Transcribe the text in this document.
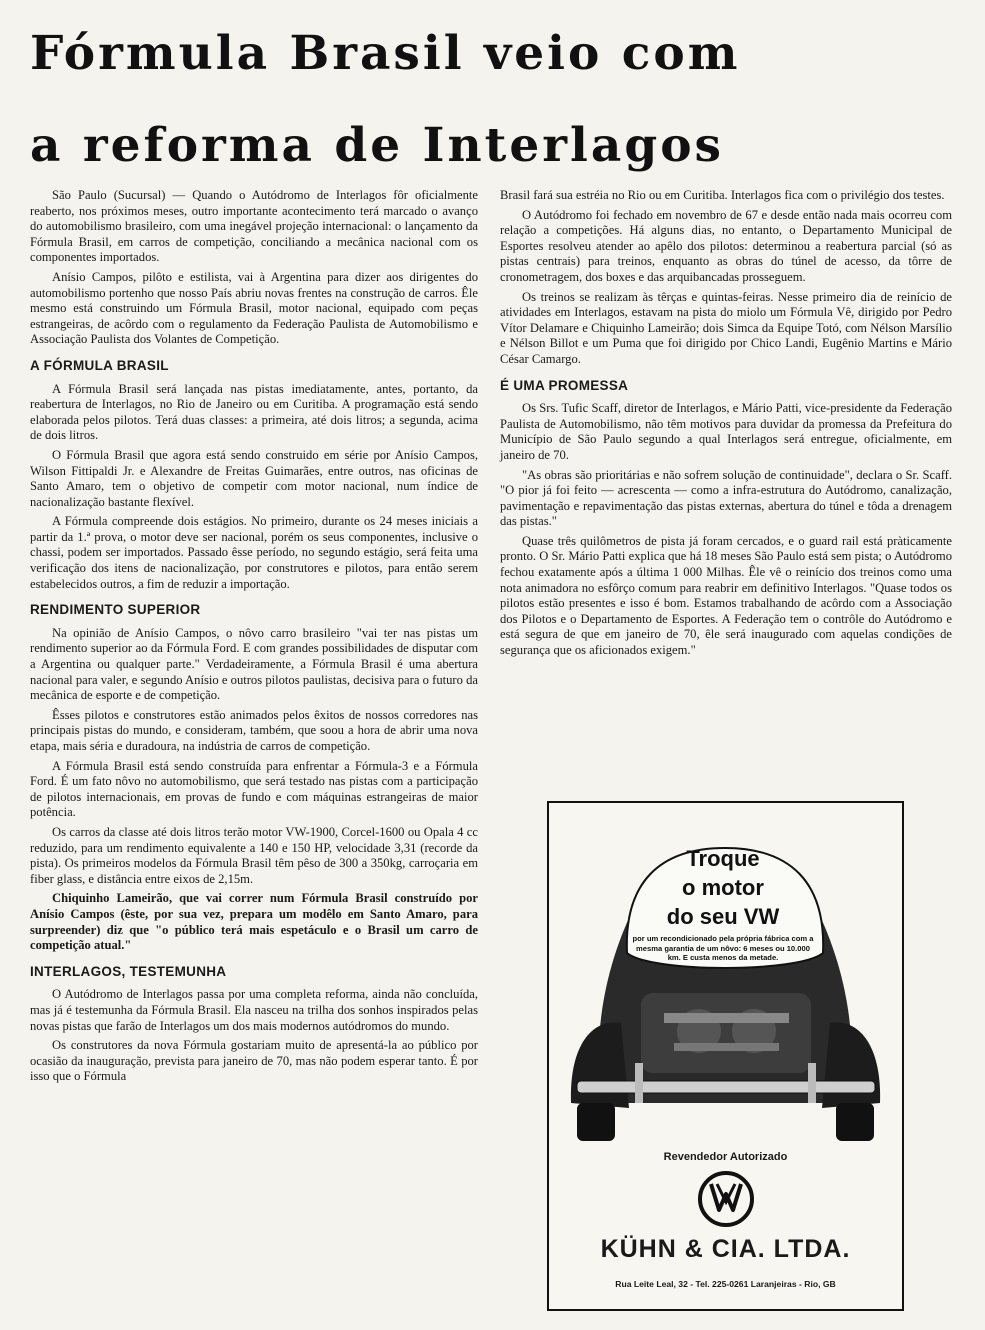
Fórmula Brasil veio com
a reforma de Interlagos

São Paulo (Sucursal) — Quando o Autódromo de Interlagos fôr oficialmente reaberto, nos próximos meses, outro importante acontecimento terá marcado o avanço do automobilismo brasileiro, com uma inegável projeção internacional: o lançamento da Fórmula Brasil, em carros de competição, conciliando a mecânica nacional com os componentes importados.

Anísio Campos, pilôto e estilista, vai à Argentina para dizer aos dirigentes do automobilismo portenho que nosso País abriu novas frentes na construção de carros. Êle mesmo está construindo um Fórmula Brasil, motor nacional, equipado com peças estrangeiras, de acôrdo com o regulamento da Federação Paulista de Automobilismo e Associação Paulista dos Volantes de Competição.

A FÓRMULA BRASIL

A Fórmula Brasil será lançada nas pistas imediatamente, antes, portanto, da reabertura de Interlagos, no Rio de Janeiro ou em Curitiba. A programação está sendo elaborada pelos pilotos. Terá duas classes: a primeira, até dois litros; a segunda, acima de dois litros.

O Fórmula Brasil que agora está sendo construido em série por Anísio Campos, Wilson Fittipaldi Jr. e Alexandre de Freitas Guimarães, entre outros, nas oficinas de Santo Amaro, tem o objetivo de competir com motor nacional, num índice de nacionalização bastante flexível.

A Fórmula compreende dois estágios. No primeiro, durante os 24 meses iniciais a partir da 1.ª prova, o motor deve ser nacional, porém os seus componentes, inclusive o chassi, podem ser importados. Passado êsse período, no segundo estágio, será feita uma verificação dos itens de nacionalização, por construtores e pilotos, para então serem estabelecidos outros, a fim de reduzir a importação.

RENDIMENTO SUPERIOR

Na opinião de Anísio Campos, o nôvo carro brasileiro "vai ter nas pistas um rendimento superior ao da Fórmula Ford. E com grandes possibilidades de disputar com a Argentina ou qualquer parte." Verdadeiramente, a Fórmula Brasil é uma abertura nacional para valer, e segundo Anísio e outros pilotos paulistas, decisiva para o futuro da mecânica de esporte e de competição.

Êsses pilotos e construtores estão animados pelos êxitos de nossos corredores nas principais pistas do mundo, e consideram, também, que soou a hora de abrir uma nova etapa, mais séria e duradoura, na indústria de carros de competição.

A Fórmula Brasil está sendo construída para enfrentar a Fórmula-3 e a Fórmula Ford. É um fato nôvo no automobilismo, que será testado nas pistas com a participação de pilotos internacionais, em provas de fundo e com máquinas estrangeiras de maior potência.

Os carros da classe até dois litros terão motor VW-1900, Corcel-1600 ou Opala 4 cc reduzido, para um rendimento equivalente a 140 e 150 HP, velocidade 3,31 (recorde da pista). Os primeiros modelos da Fórmula Brasil têm pêso de 300 a 350kg, carroçaria em fiber glass, e distância entre eixos de 2,15m.

Chiquinho Lameirão, que vai correr num Fórmula Brasil construído por Anísio Campos (êste, por sua vez, prepara um modêlo em Santo Amaro, para surpreender) diz que "o público terá mais espetáculo e o Brasil um carro de competição atual."

INTERLAGOS, TESTEMUNHA

O Autódromo de Interlagos passa por uma completa reforma, ainda não concluída, mas já é testemunha da Fórmula Brasil. Ela nasceu na trilha dos sonhos inspirados pelas novas pistas que farão de Interlagos um dos mais modernos autódromos do mundo.

Os construtores da nova Fórmula gostariam muito de apresentá-la ao público por ocasião da inauguração, prevista para janeiro de 70, mas não podem esperar tanto. É por isso que o Fórmula

Brasil fará sua estréia no Rio ou em Curitiba. Interlagos fica com o privilégio dos testes.

O Autódromo foi fechado em novembro de 67 e desde então nada mais ocorreu com relação a competições. Há alguns dias, no entanto, o Departamento Municipal de Esportes resolveu atender ao apêlo dos pilotos: determinou a reabertura parcial (só as pistas centrais) para treinos, enquanto as obras do túnel de acesso, da tôrre de cronometragem, dos boxes e das arquibancadas prosseguem.

Os treinos se realizam às têrças e quintas-feiras. Nesse primeiro dia de reinício de atividades em Interlagos, estavam na pista do miolo um Fórmula Vê, dirigido por Pedro Vítor Delamare e Chiquinho Lameirão; dois Simca da Equipe Totó, com Nélson Marsílio e Nélson Billot e um Puma que foi dirigido por Chico Landi, Eugênio Martins e Mário César Camargo.

É UMA PROMESSA

Os Srs. Tufic Scaff, diretor de Interlagos, e Mário Patti, vice-presidente da Federação Paulista de Automobilismo, não têm motivos para duvidar da promessa da Prefeitura do Município de São Paulo segundo a qual Interlagos será entregue, oficialmente, em janeiro de 70.

"As obras são prioritárias e não sofrem solução de continuidade", declara o Sr. Scaff. "O pior já foi feito — acrescenta — como a infra-estrutura do Autódromo, canalização, pavimentação e repavimentação das pistas externas, abertura do túnel e tôda a drenagem das pistas."

Quase três quilômetros de pista já foram cercados, e o guard rail está pràticamente pronto. O Sr. Mário Patti explica que há 18 meses São Paulo está sem pista; o Autódromo fechou exatamente após a última 1 000 Milhas. Êle vê o reinício dos treinos como uma nota animadora no esfôrço comum para reabrir em definitivo Interlagos. "Quase todos os pilotos estão presentes e isso é bom. Estamos trabalhando de acôrdo com a Associação dos Pilotos e o Departamento de Esportes. A Federação tem o contrôle do Autódromo e está segura de que em janeiro de 70, êle será inaugurado com aquelas condições de segurança que os aficionados exigem."

Troque
o motor
do seu VW
por um recondicionado pela própria fábrica com a mesma garantia de um nôvo: 6 meses ou 10.000 km. E custa menos da metade.
Revendedor Autorizado
KÜHN & CIA. LTDA.
Rua Leite Leal, 32 - Tel. 225-0261 Laranjeiras - Rio, GB
